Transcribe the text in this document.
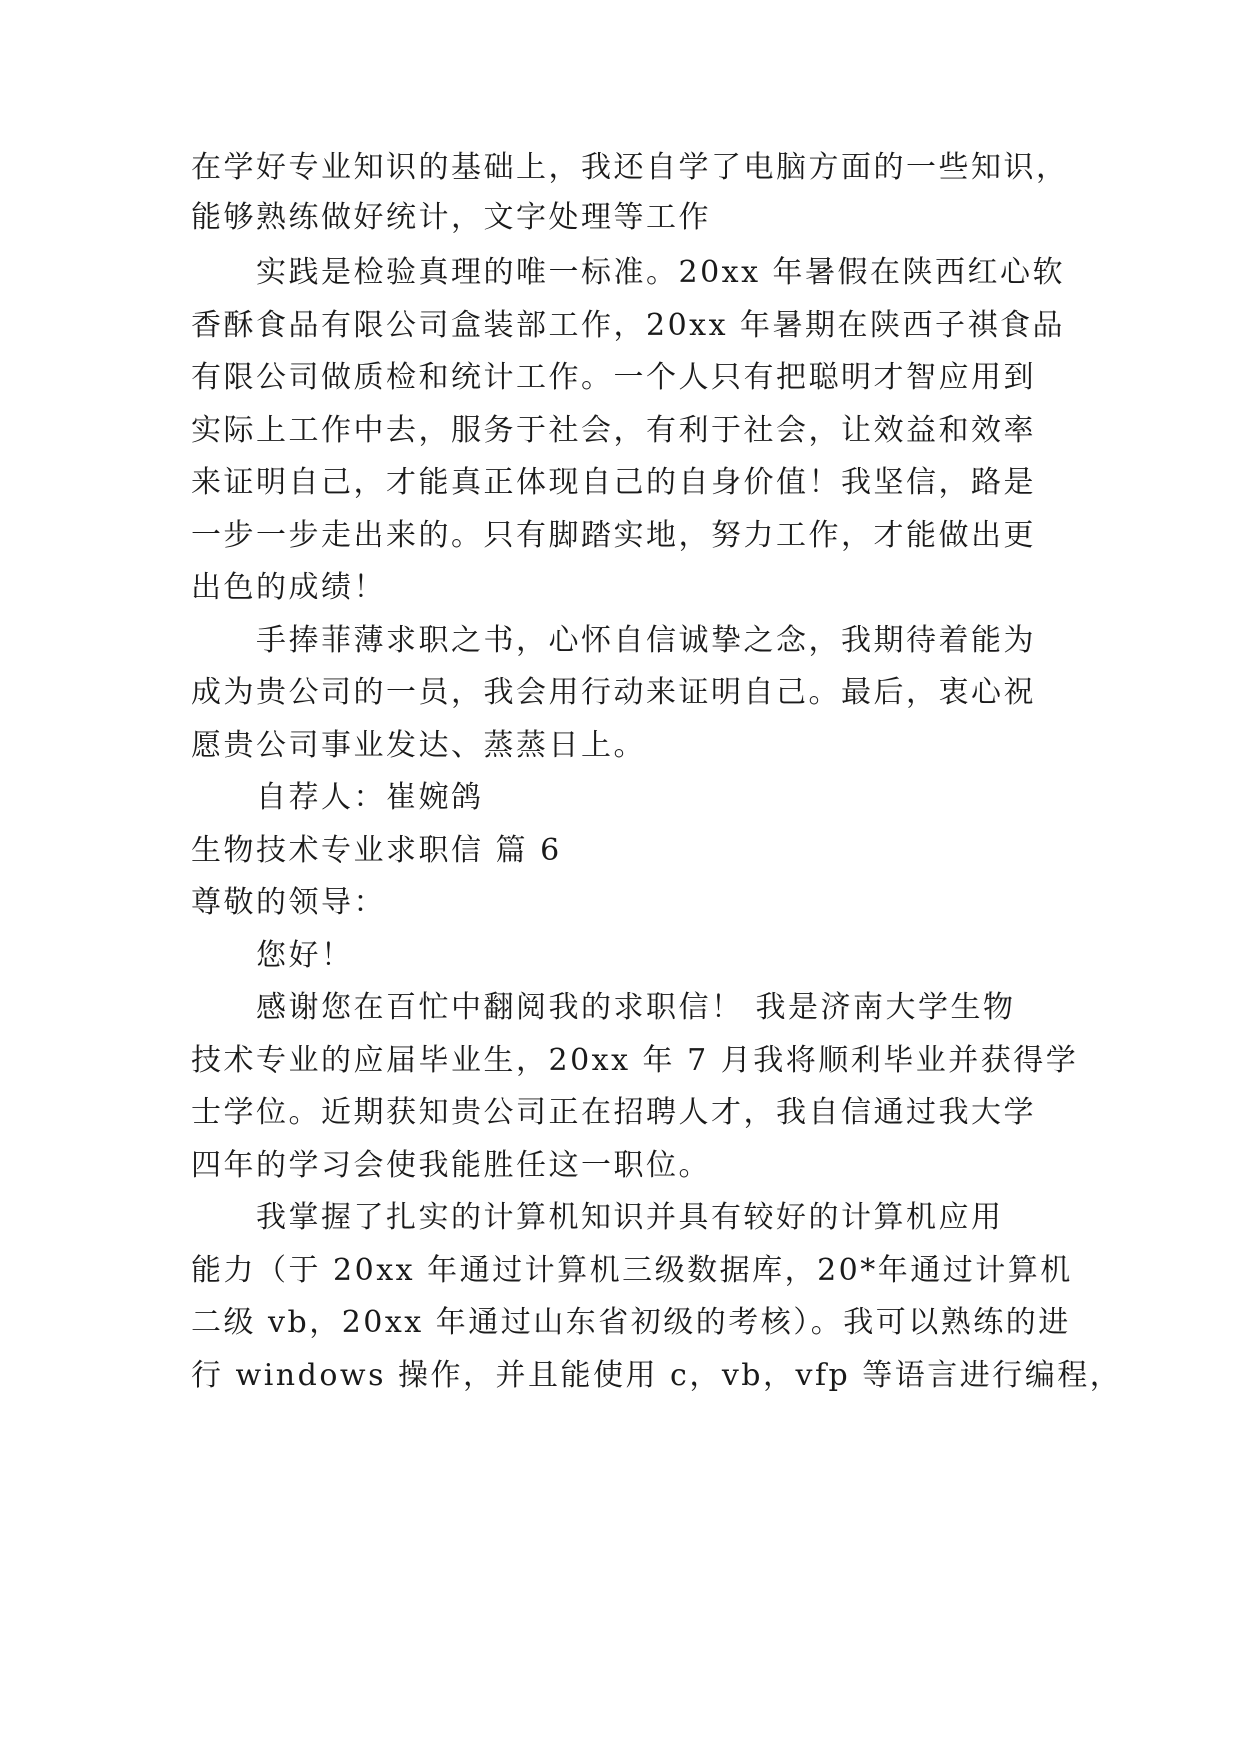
在学好专业知识的基础上，我还自学了电脑方面的一些知识，
能够熟练做好统计，文字处理等工作
实践是检验真理的唯一标准。20xx 年暑假在陕西红心软
香酥食品有限公司盒装部工作，20xx 年暑期在陕西子祺食品
有限公司做质检和统计工作。一个人只有把聪明才智应用到
实际上工作中去，服务于社会，有利于社会，让效益和效率
来证明自己，才能真正体现自己的自身价值！我坚信，路是
一步一步走出来的。只有脚踏实地，努力工作，才能做出更
出色的成绩！
手捧菲薄求职之书，心怀自信诚挚之念，我期待着能为
成为贵公司的一员，我会用行动来证明自己。最后，衷心祝
愿贵公司事业发达、蒸蒸日上。
自荐人：崔婉鸽
生物技术专业求职信 篇 6
尊敬的领导：
您好！
感谢您在百忙中翻阅我的求职信！ 我是济南大学生物
技术专业的应届毕业生，20xx 年 7 月我将顺利毕业并获得学
士学位。近期获知贵公司正在招聘人才，我自信通过我大学
四年的学习会使我能胜任这一职位。
我掌握了扎实的计算机知识并具有较好的计算机应用
能力（于 20xx 年通过计算机三级数据库，20*年通过计算机
二级 vb，20xx 年通过山东省初级的考核）。我可以熟练的进
行 windows 操作，并且能使用 c，vb，vfp 等语言进行编程，
